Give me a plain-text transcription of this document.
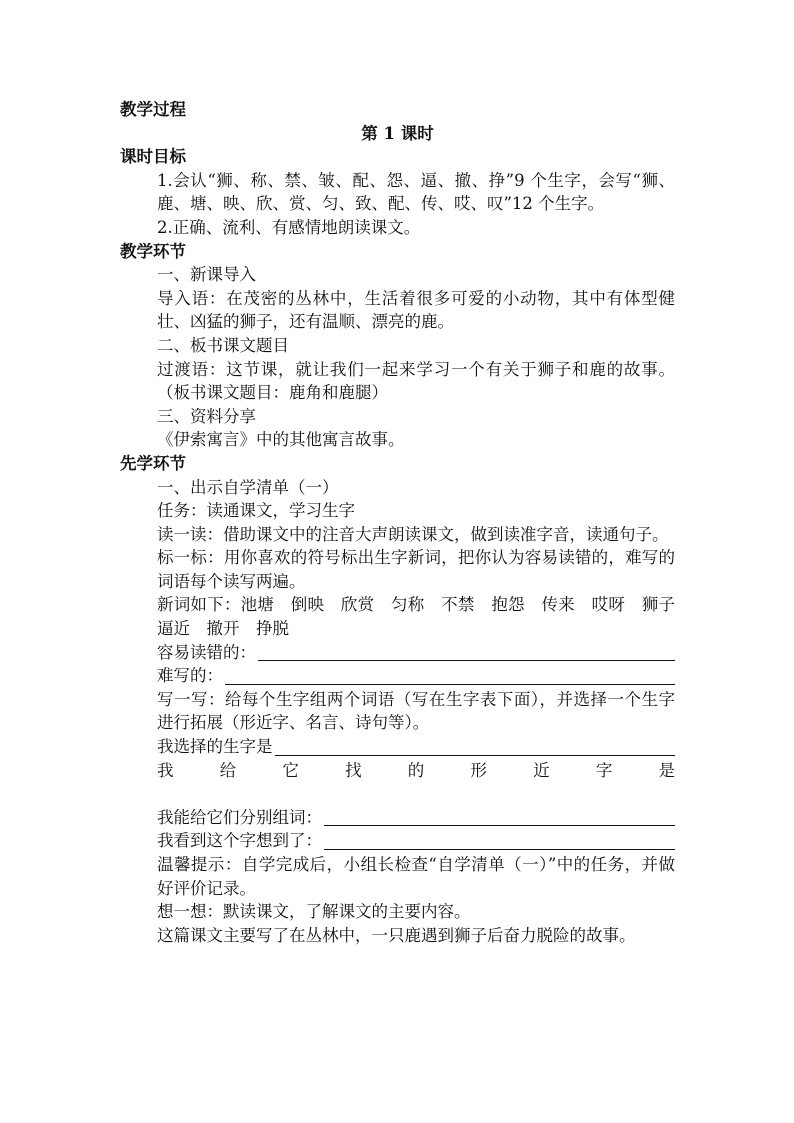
教学过程

第 1 课时

课时目标

1.会认“狮、称、禁、皱、配、怨、逼、撤、挣”9 个生字，会写“狮、鹿、塘、映、欣、赏、匀、致、配、传、哎、叹”12 个生字。

2.正确、流利、有感情地朗读课文。

教学环节

一、新课导入

导入语：在茂密的丛林中，生活着很多可爱的小动物，其中有体型健壮、凶猛的狮子，还有温顺、漂亮的鹿。

二、板书课文题目

过渡语：这节课，就让我们一起来学习一个有关于狮子和鹿的故事。（板书课文题目：鹿角和鹿腿）

三、资料分享

《伊索寓言》中的其他寓言故事。

先学环节

一、出示自学清单（一）

任务：读通课文，学习生字

读一读：借助课文中的注音大声朗读课文，做到读准字音，读通句子。

标一标：用你喜欢的符号标出生字新词，把你认为容易读错的，难写的词语每个读写两遍。

新词如下：池塘　倒映　欣赏　匀称　不禁　抱怨　传来　哎呀　狮子　逼近　撤开　挣脱

容易读错的：
难写的：

写一写：给每个生字组两个词语（写在生字表下面），并选择一个生字进行拓展（形近字、名言、诗句等）。

我选择的生字是
我	给	它	找	的	形	近	字	是
我能给它们分别组词：
我看到这个字想到了：

温馨提示：自学完成后，小组长检查“自学清单（一）”中的任务，并做好评价记录。

想一想：默读课文，了解课文的主要内容。

这篇课文主要写了在丛林中，一只鹿遇到狮子后奋力脱险的故事。
